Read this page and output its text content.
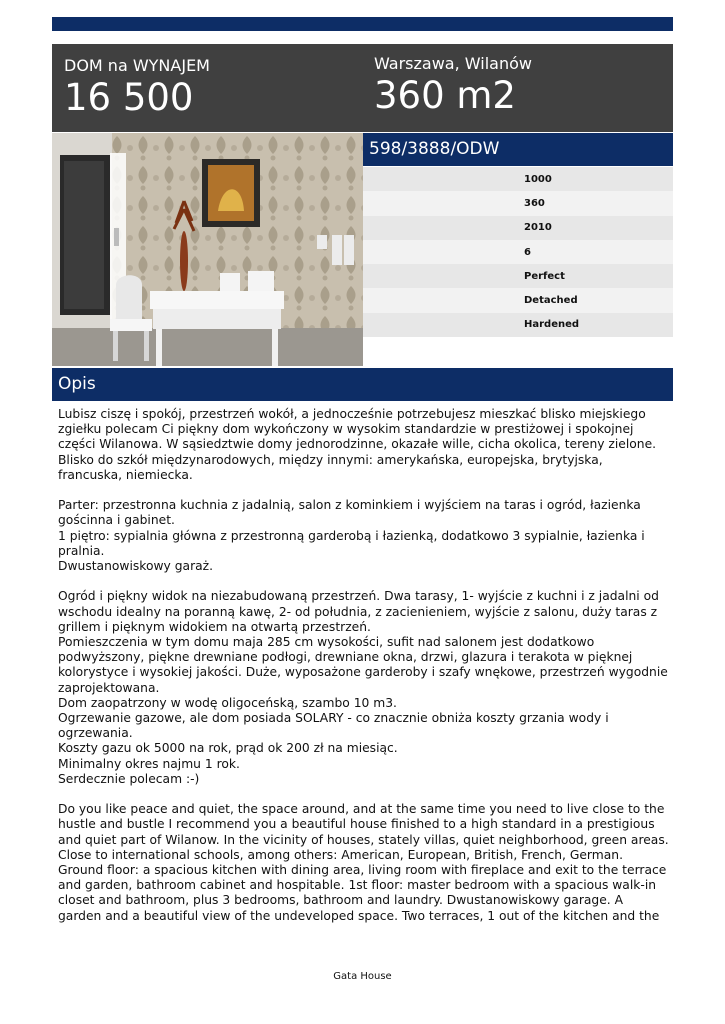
DOM na WYNAJEM
16 500
Warszawa, Wilanów
360 m2
598/3888/ODW
1000
360
2010
6
Perfect
Detached
Hardened
Opis

Lubisz ciszę i spokój, przestrzeń wokół, a jednocześnie potrzebujesz mieszkać blisko miejskiego zgiełku polecam Ci piękny dom wykończony w wysokim standardzie w prestiżowej i spokojnej części Wilanowa. W sąsiedztwie domy jednorodzinne, okazałe wille, cicha okolica, tereny zielone. Blisko do szkół międzynarodowych, między innymi: amerykańska, europejska, brytyjska, francuska, niemiecka.

Parter: przestronna kuchnia z jadalnią, salon z kominkiem i wyjściem na taras i ogród, łazienka gościnna i gabinet.

1 piętro: sypialnia główna z przestronną garderobą i łazienką, dodatkowo 3 sypialnie, łazienka i pralnia.

Dwustanowiskowy garaż.

Ogród i piękny widok na niezabudowaną przestrzeń. Dwa tarasy, 1- wyjście z kuchni i z jadalni od wschodu idealny na poranną kawę, 2- od południa, z zacienieniem, wyjście z salonu, duży taras z grillem i pięknym widokiem na otwartą przestrzeń.

Pomieszczenia w tym domu maja 285 cm wysokości, sufit nad salonem jest dodatkowo podwyższony, piękne drewniane podłogi, drewniane okna, drzwi, glazura i terakota w pięknej kolorystyce i wysokiej jakości. Duże, wyposażone garderoby i szafy wnękowe, przestrzeń wygodnie zaprojektowana.

Dom zaopatrzony w wodę oligoceńską, szambo 10 m3.

Ogrzewanie gazowe, ale dom posiada SOLARY - co znacznie obniża koszty grzania wody i ogrzewania.

Koszty gazu ok 5000 na rok, prąd ok 200 zł na miesiąc.

Minimalny okres najmu 1 rok.

Serdecznie polecam :-)

Do you like peace and quiet, the space around, and at the same time you need to live close to the hustle and bustle I recommend you a beautiful house finished to a high standard in a prestigious and quiet part of Wilanow. In the vicinity of houses, stately villas, quiet neighborhood, green areas. Close to international schools, among others: American, European, British, French, German. Ground floor: a spacious kitchen with dining area, living room with fireplace and exit to the terrace and garden, bathroom cabinet and hospitable. 1st floor: master bedroom with a spacious walk-in closet and bathroom, plus 3 bedrooms, bathroom and laundry. Dwustanowiskowy garage. A garden and a beautiful view of the undeveloped space. Two terraces, 1 out of the kitchen and the

Gata House
